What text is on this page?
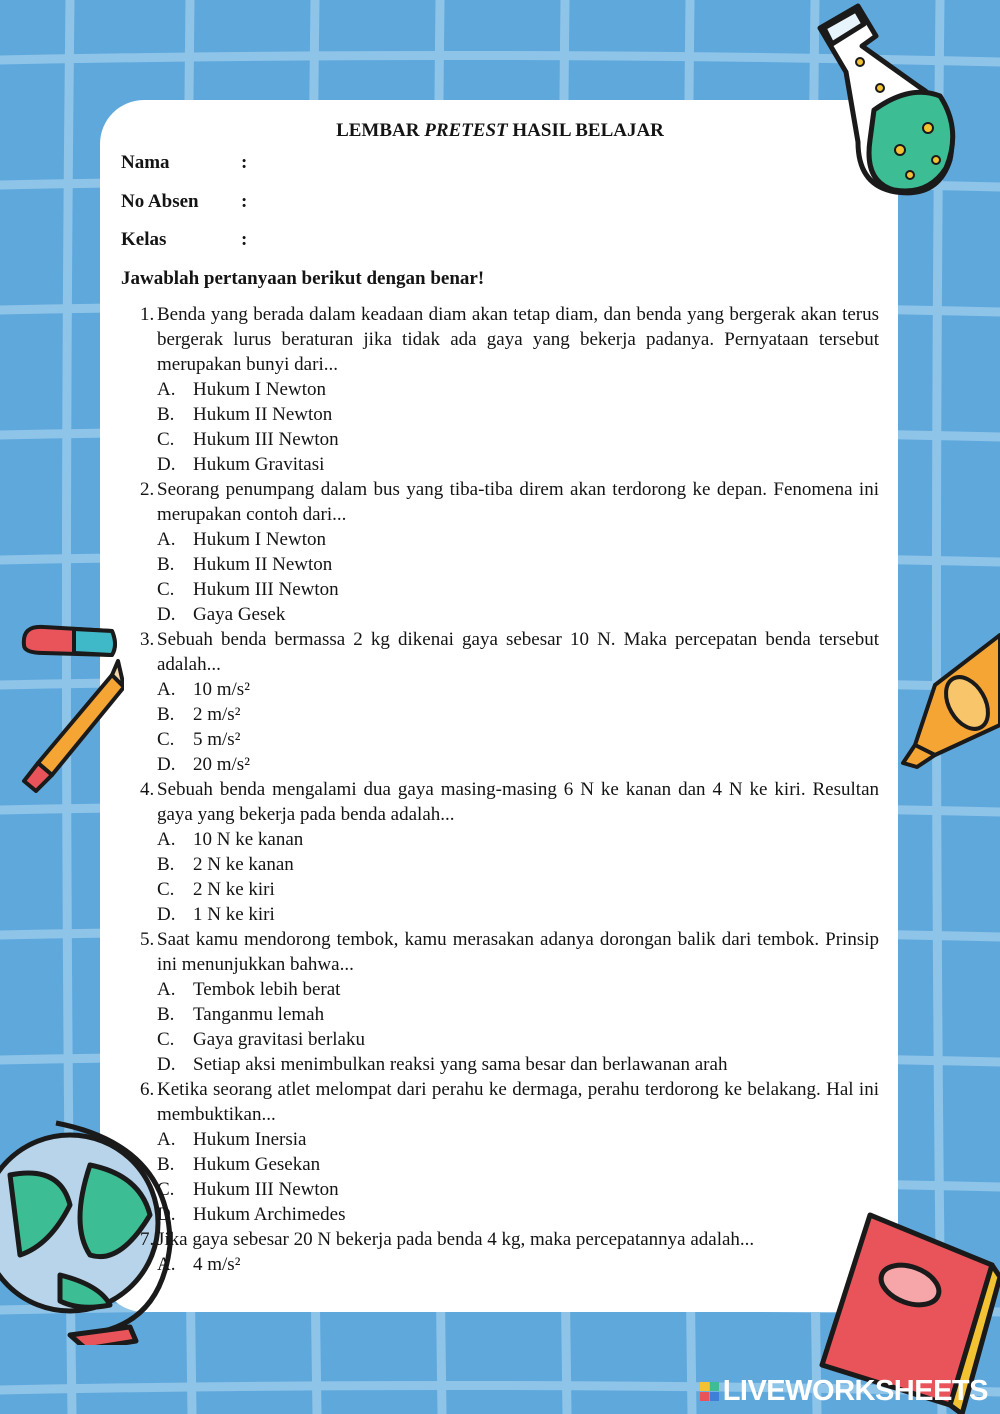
LEMBAR PRETEST HASIL BELAJAR
Nama	:
No Absen	:
Kelas	:
Jawablah pertanyaan berikut dengan benar!
1. Benda yang berada dalam keadaan diam akan tetap diam, dan benda yang bergerak akan terus bergerak lurus beraturan jika tidak ada gaya yang bekerja padanya. Pernyataan tersebut merupakan bunyi dari...
A. Hukum I Newton
B. Hukum II Newton
C. Hukum III Newton
D. Hukum Gravitasi
2. Seorang penumpang dalam bus yang tiba-tiba direm akan terdorong ke depan. Fenomena ini merupakan contoh dari...
A. Hukum I Newton
B. Hukum II Newton
C. Hukum III Newton
D. Gaya Gesek
3. Sebuah benda bermassa 2 kg dikenai gaya sebesar 10 N. Maka percepatan benda tersebut adalah...
A. 10 m/s²
B. 2 m/s²
C. 5 m/s²
D. 20 m/s²
4. Sebuah benda mengalami dua gaya masing-masing 6 N ke kanan dan 4 N ke kiri. Resultan gaya yang bekerja pada benda adalah...
A. 10 N ke kanan
B. 2 N ke kanan
C. 2 N ke kiri
D. 1 N ke kiri
5. Saat kamu mendorong tembok, kamu merasakan adanya dorongan balik dari tembok. Prinsip ini menunjukkan bahwa...
A. Tembok lebih berat
B. Tanganmu lemah
C. Gaya gravitasi berlaku
D. Setiap aksi menimbulkan reaksi yang sama besar dan berlawanan arah
6. Ketika seorang atlet melompat dari perahu ke dermaga, perahu terdorong ke belakang. Hal ini membuktikan...
A. Hukum Inersia
B. Hukum Gesekan
C. Hukum III Newton
D. Hukum Archimedes
7. Jika gaya sebesar 20 N bekerja pada benda 4 kg, maka percepatannya adalah...
A. 4 m/s²
LIVEWORKSHEETS
